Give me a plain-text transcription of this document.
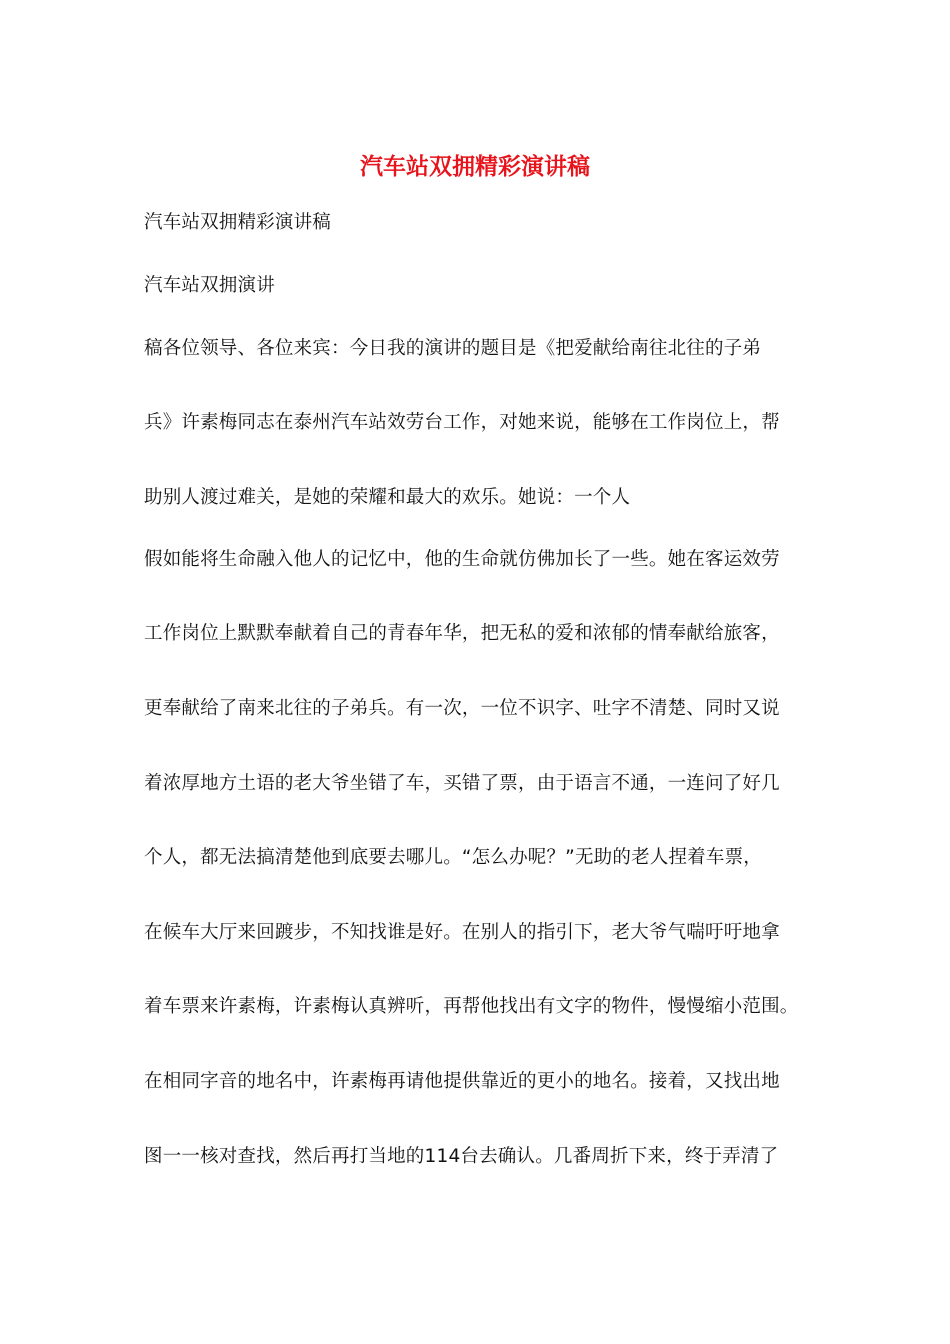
汽车站双拥精彩演讲稿
汽车站双拥精彩演讲稿
汽车站双拥演讲
稿各位领导、各位来宾：今日我的演讲的题目是《把爱献给南往北往的子弟
兵》许素梅同志在泰州汽车站效劳台工作，对她来说，能够在工作岗位上，帮
助别人渡过难关，是她的荣耀和最大的欢乐。她说：一个人
假如能将生命融入他人的记忆中，他的生命就仿佛加长了一些。她在客运效劳
工作岗位上默默奉献着自己的青春年华，把无私的爱和浓郁的情奉献给旅客，
更奉献给了南来北往的子弟兵。有一次，一位不识字、吐字不清楚、同时又说
着浓厚地方土语的老大爷坐错了车，买错了票，由于语言不通，一连问了好几
个人，都无法搞清楚他到底要去哪儿。“怎么办呢？”无助的老人捏着车票，
在候车大厅来回踱步，不知找谁是好。在别人的指引下，老大爷气喘吁吁地拿
着车票来许素梅，许素梅认真辨听，再帮他找出有文字的物件，慢慢缩小范围。
在相同字音的地名中，许素梅再请他提供靠近的更小的地名。接着，又找出地
图一一核对查找，然后再打当地的114台去确认。几番周折下来，终于弄清了
